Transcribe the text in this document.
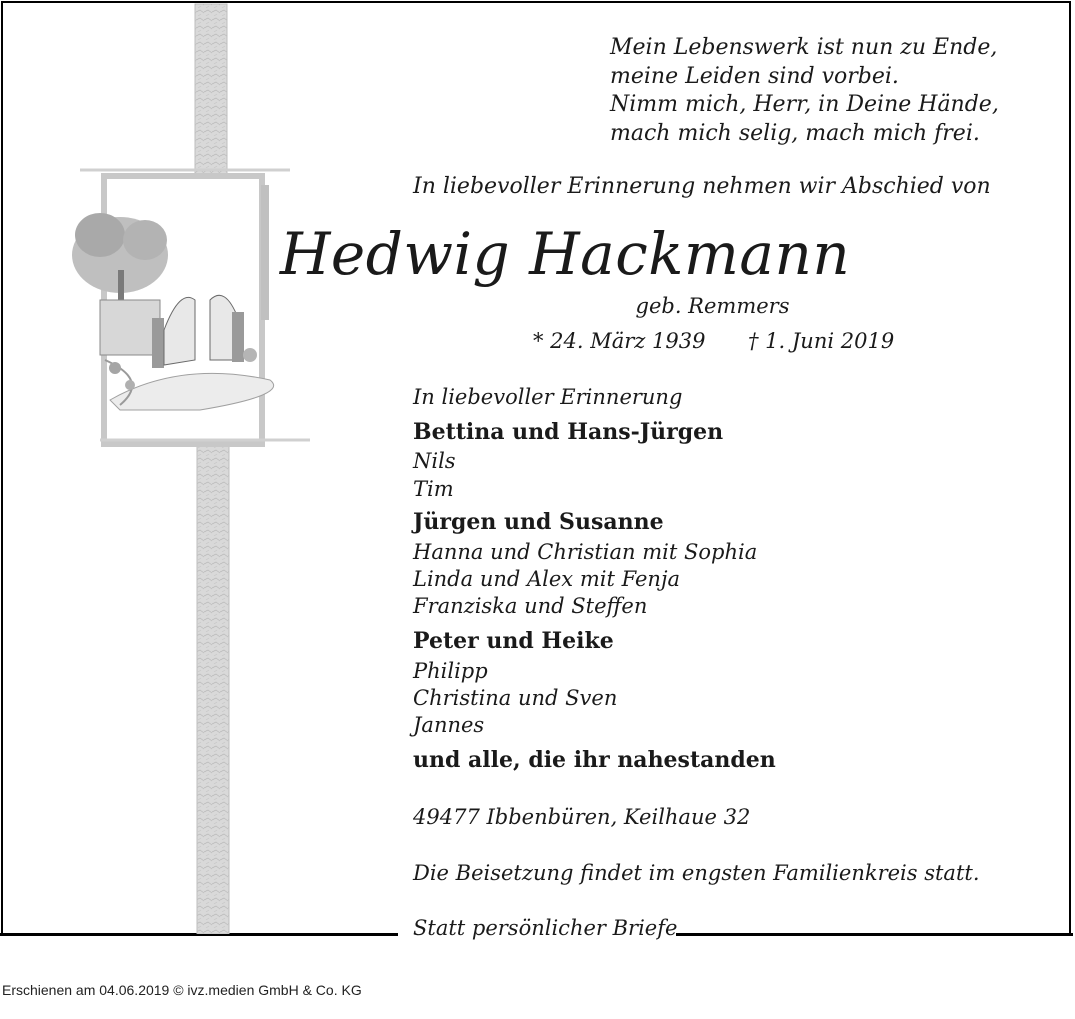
Mein Lebenswerk ist nun zu Ende,
meine Leiden sind vorbei.
Nimm mich, Herr, in Deine Hände,
mach mich selig, mach mich frei.
In liebevoller Erinnerung nehmen wir Abschied von
Hedwig Hackmann
geb. Remmers
* 24. März 1939 † 1. Juni 2019
In liebevoller Erinnerung
Bettina und Hans-Jürgen
Nils
Tim
Jürgen und Susanne
Hanna und Christian mit Sophia
Linda und Alex mit Fenja
Franziska und Steffen
Peter und Heike
Philipp
Christina und Sven
Jannes
und alle, die ihr nahestanden
49477 Ibbenbüren, Keilhaue 32
Die Beisetzung findet im engsten Familienkreis statt.
Statt persönlicher Briefe
Erschienen am 04.06.2019 © ivz.medien GmbH & Co. KG
